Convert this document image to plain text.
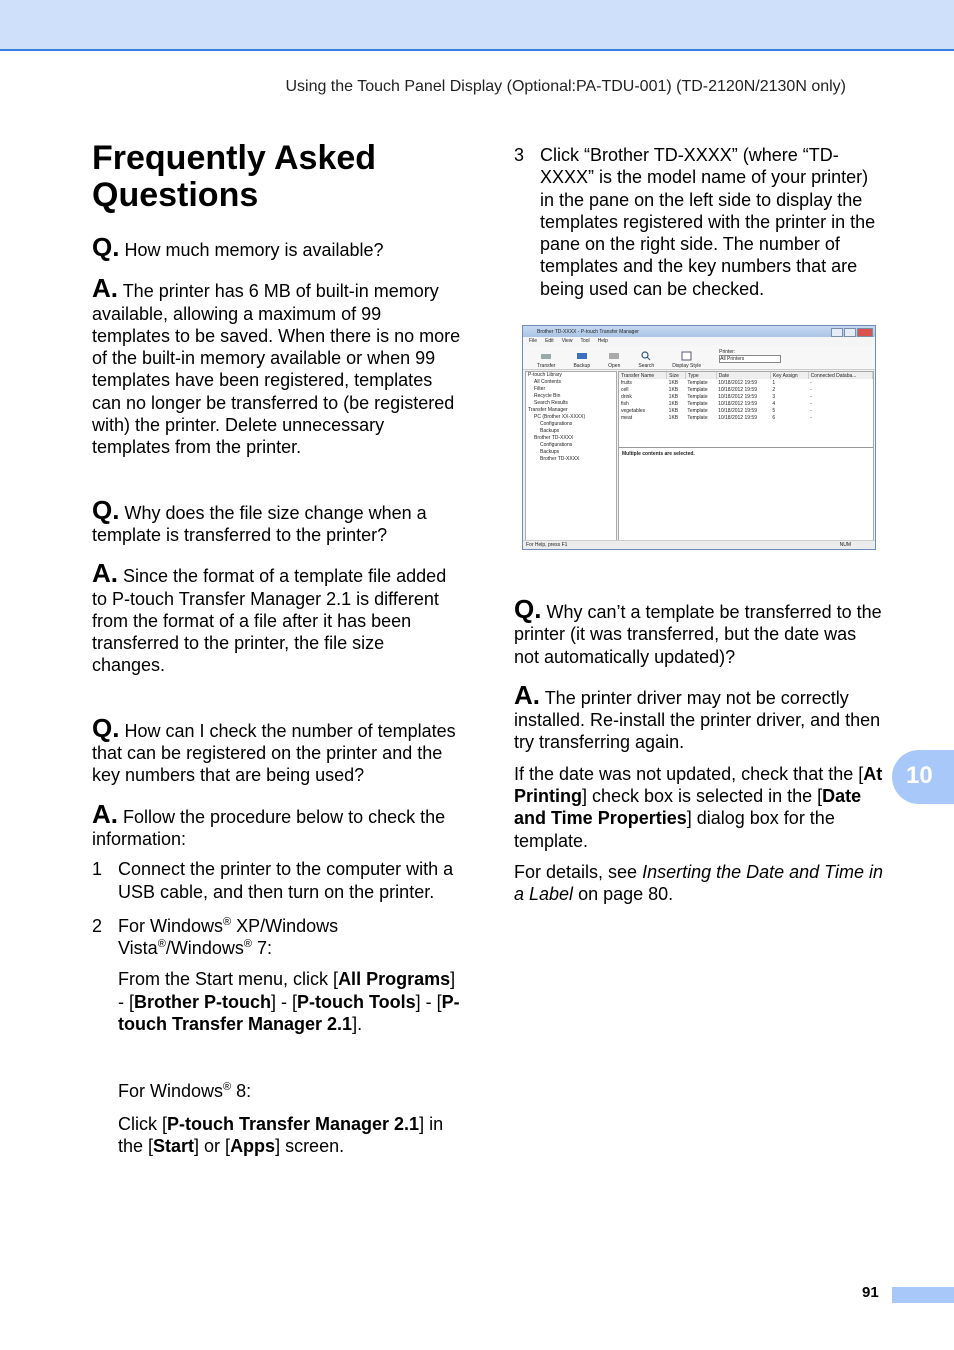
Using the Touch Panel Display (Optional:PA-TDU-001) (TD-2120N/2130N only)
Frequently Asked Questions

Q. How much memory is available?

A. The printer has 6 MB of built-in memory available, allowing a maximum of 99 templates to be saved. When there is no more of the built-in memory available or when 99 templates have been registered, templates can no longer be transferred to (be registered with) the printer. Delete unnecessary templates from the printer.

Q. Why does the file size change when a template is transferred to the printer?

A. Since the format of a template file added to P-touch Transfer Manager 2.1 is different from the format of a file after it has been transferred to the printer, the file size changes.

Q. How can I check the number of templates that can be registered on the printer and the key numbers that are being used?

A. Follow the procedure below to check the information:

1 Connect the printer to the computer with a USB cable, and then turn on the printer.
2 For Windows® XP/Windows Vista®/Windows® 7:

From the Start menu, click [All Programs] - [Brother P-touch] - [P-touch Tools] - [P-touch Transfer Manager 2.1].

For Windows® 8:

Click [P-touch Transfer Manager 2.1] in the [Start] or [Apps] screen.

3 Click “Brother TD-XXXX” (where “TD-XXXX” is the model name of your printer) in the pane on the left side to display the templates registered with the printer in the pane on the right side. The number of templates and the key numbers that are being used can be checked.

Q. Why can’t a template be transferred to the printer (it was transferred, but the date was not automatically updated)?

A. The printer driver may not be correctly installed. Re-install the printer driver, and then try transferring again.

If the date was not updated, check that the [At Printing] check box is selected in the [Date and Time Properties] dialog box for the template.

For details, see Inserting the Date and Time in a Label on page 80.

Brother TD-XXXX - P-touch Transfer Manager
File Edit View Tool Help
Transfer	Backup	Open	Search	Display Style
Printer:
All Printers
P-touch Library
All Contents
Filter
Recycle Bin
Search Results
Transfer Manager
PC (Brother XX-XXXX)
Configurations
Backups
Brother TD-XXXX
Configurations
Backups
Brother TD-XXXX
Transfer Name	Size	Type	Date	Key Assign	Connected Databa...
fruits	1KB	Template	10/18/2012 19:59	1	-
cell	1KB	Template	10/18/2012 19:59	2	-
drink	1KB	Template	10/18/2012 19:59	3	-
fish	1KB	Template	10/18/2012 19:59	4	-
vegetables	1KB	Template	10/18/2012 19:59	5	-
meat	1KB	Template	10/18/2012 19:59	6	-
Multiple contents are selected.
For Help, press F1	NUM
10
91
